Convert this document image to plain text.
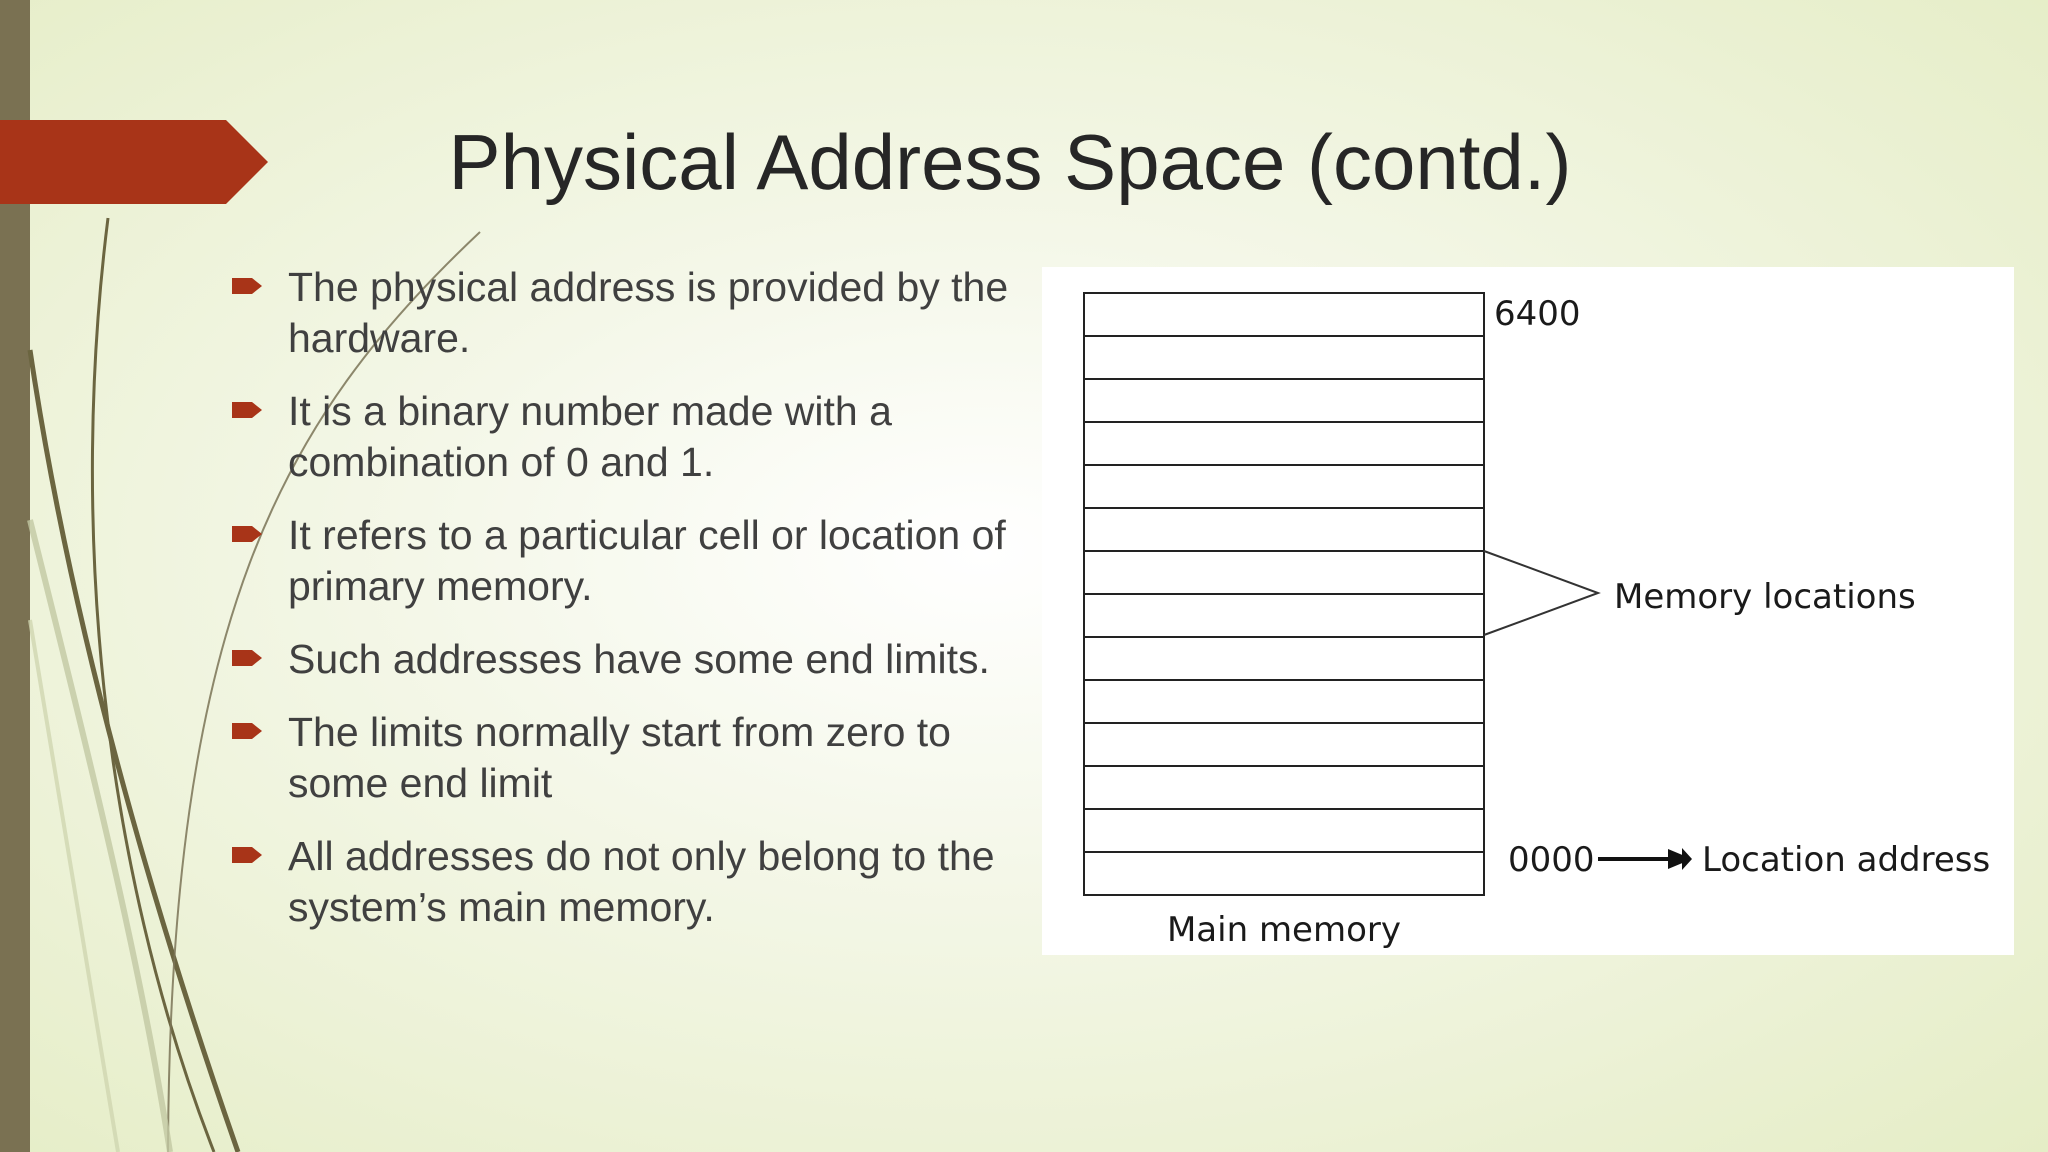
Physical Address Space (contd.)
The physical address is provided by the hardware.
It is a binary number made with a combination of 0 and 1.
It refers to a particular cell or location of primary memory.
Such addresses have some end limits.
The limits normally start from zero to some end limit
All addresses do not only belong to the system’s main memory.
6400
Memory locations
0000	Location address
Main memory
